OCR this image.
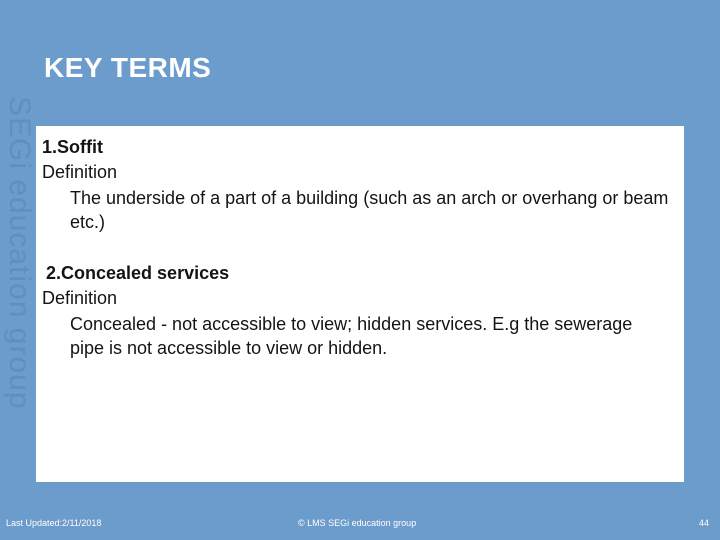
SEGi education group
KEY TERMS

1.Soffit

Definition

The underside of a part of a building (such as an arch or overhang or beam etc.)

2.Concealed services

Definition

Concealed - not accessible to view; hidden services. E.g the sewerage pipe is not accessible to view or hidden.

Last Updated:2/11/2018	© LMS SEGi education group	44
